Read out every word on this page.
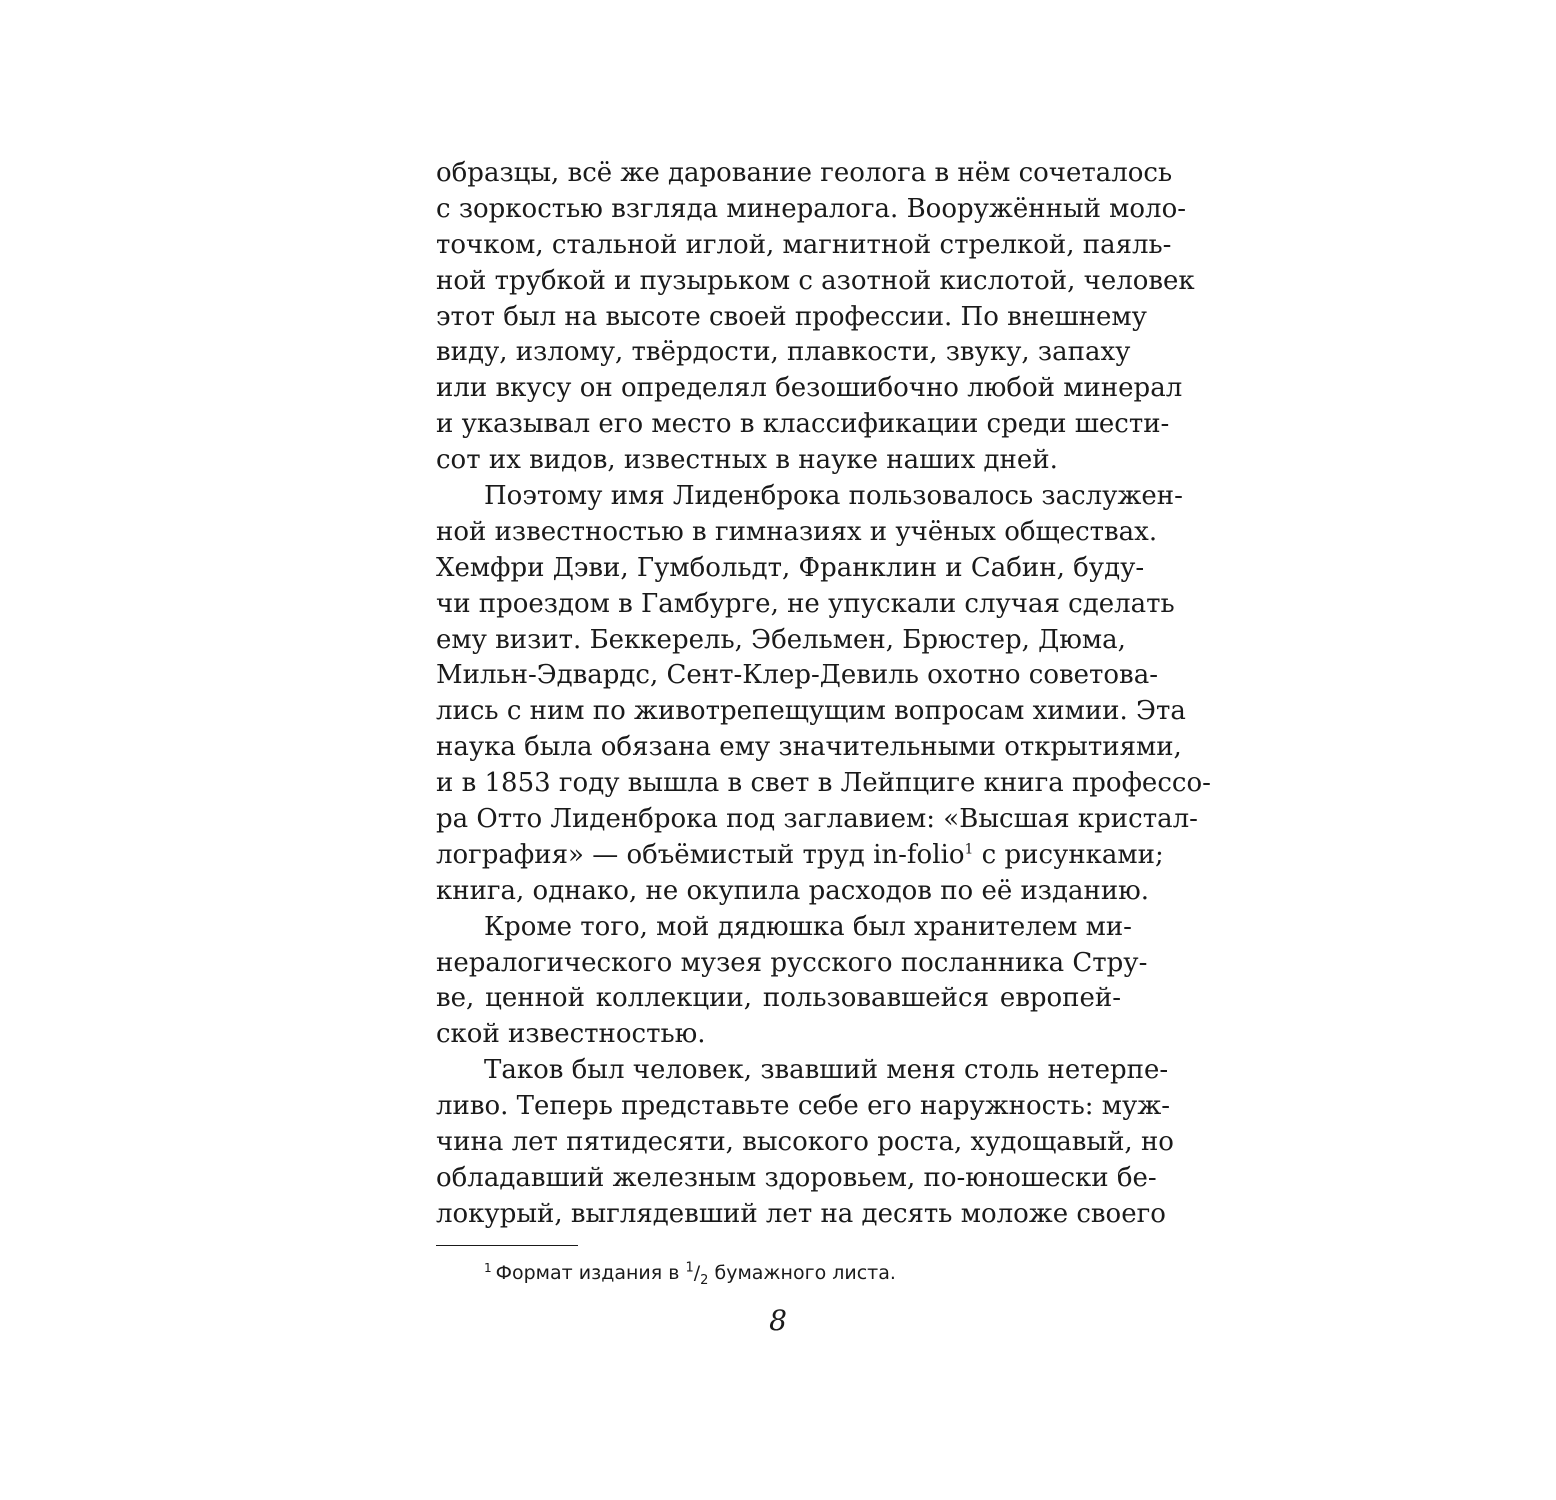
образцы, всё же дарование геолога в нём сочеталось
с зоркостью взгляда минералога. Вооружённый моло-
точком, стальной иглой, магнитной стрелкой, паяль-
ной трубкой и пузырьком с азотной кислотой, человек
этот был на высоте своей профессии. По внешнему
виду, излому, твёрдости, плавкости, звуку, запаху
или вкусу он определял безошибочно любой минерал
и указывал его место в классификации среди шести-
сот их видов, известных в науке наших дней.
Поэтому имя Лиденброка пользовалось заслужен-
ной известностью в гимназиях и учёных обществах.
Хемфри Дэви, Гумбольдт, Франклин и Сабин, буду-
чи проездом в Гамбурге, не упускали случая сделать
ему визит. Беккерель, Эбельмен, Брюстер, Дюма,
Мильн-Эдвардс, Сент-Клер-Девиль охотно советова-
лись с ним по животрепещущим вопросам химии. Эта
наука была обязана ему значительными открытиями,
и в 1853 году вышла в свет в Лейпциге книга профессо-
ра Отто Лиденброка под заглавием: «Высшая кристал-
лография» — объёмистый труд in-folio$^1$ с рисунками;
книга, однако, не окупила расходов по её изданию.
Кроме того, мой дядюшка был хранителем ми-
нералогического музея русского посланника Стру-
ве, ценной коллекции, пользовавшейся европей-
ской известностью.
Таков был человек, звавший меня столь нетерпе-
ливо. Теперь представьте себе его наружность: муж-
чина лет пятидесяти, высокого роста, худощавый, но
обладавший железным здоровьем, по-юношески бе-
локурый, выглядевший лет на десять моложе своего
$^1$ Формат издания в $^1/_2$ бумажного листа.
8
